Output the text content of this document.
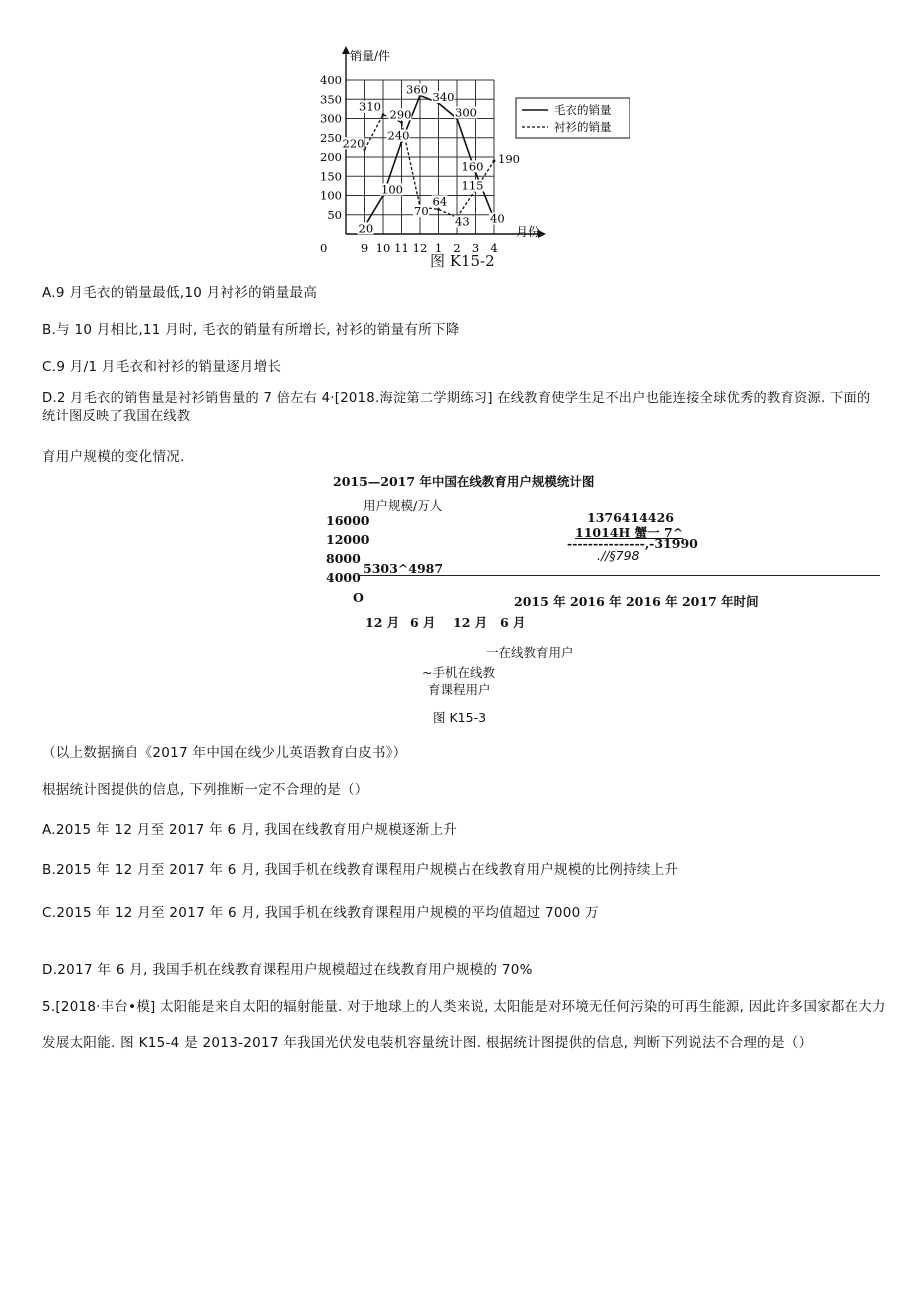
400
350
300
250
200
150
100
50
0	9 10 11 12 1 2 3 4
月份
销量/件
20
100
240
360
340
300
160
40
220
310
290
70
64
43
115
190
毛衣的销量
衬衫的销量
图 K15-2
A.9 月毛衣的销量最低,10 月衬衫的销量最高
B.与 10 月相比,11 月时, 毛衣的销量有所增长, 衬衫的销量有所下降
C.9 月/1 月毛衣和衬衫的销量逐月增长
D.2 月毛衣的销售量是衬衫销售量的 7 倍左右 4·[2018.海淀第二学期练习] 在线教育使学生足不出户也能连接全球优秀的教育资源. 下面的统计图反映了我国在线教
育用户规模的变化情况.
2015—2017 年中国在线教育用户规模统计图
用户规模/万人
16000
12000
8000
4000
1376414426
11014H 蟹一 7^
---------------,-31990
.//§798
5303^4987
O	2015 年 2016 年 2016 年 2017 年时间
12 月 6 月 12 月 6 月
一在线教育用户
~手机在线教
育课程用户
图 K15-3
（以上数据摘自《2017 年中国在线少儿英语教育白皮书》）
根据统计图提供的信息, 下列推断一定不合理的是（）
A.2015 年 12 月至 2017 年 6 月, 我国在线教育用户规模逐渐上升
B.2015 年 12 月至 2017 年 6 月, 我国手机在线教育课程用户规模占在线教育用户规模的比例持续上升
C.2015 年 12 月至 2017 年 6 月, 我国手机在线教育课程用户规模的平均值超过 7000 万
D.2017 年 6 月, 我国手机在线教育课程用户规模超过在线教育用户规模的 70%
5.[2018·丰台•模] 太阳能是来自太阳的辐射能量. 对于地球上的人类来说, 太阳能是对环境无任何污染的可再生能源, 因此许多国家都在大力
发展太阳能. 图 K15-4 是 2013-2017 年我国光伏发电装机容量统计图. 根据统计图提供的信息, 判断下列说法不合理的是（）
